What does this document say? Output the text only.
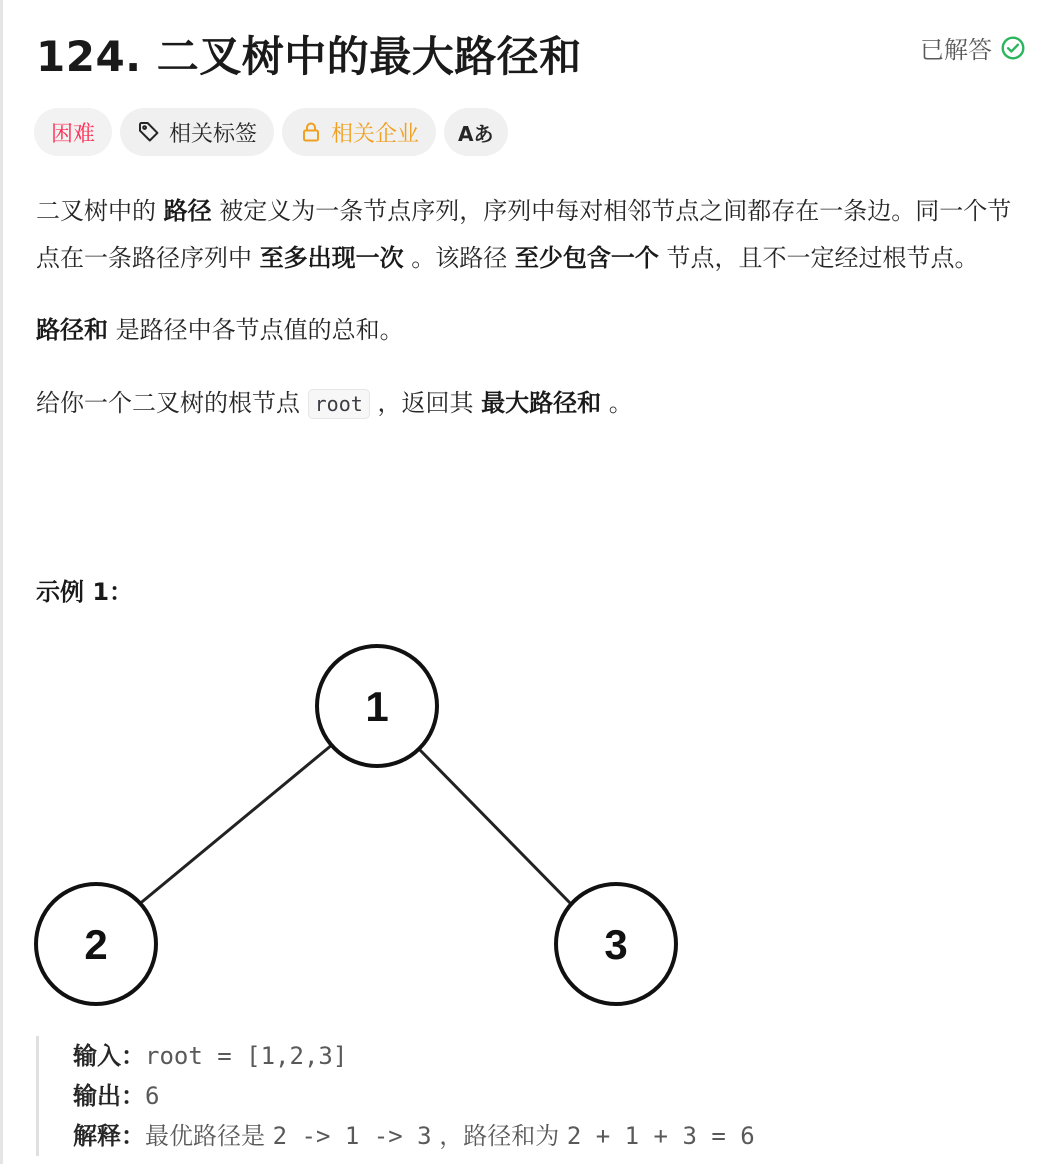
124. 二叉树中的最大路径和	已解答
困难	相关标签	相关企业 Aあ

二叉树中的 路径 被定义为一条节点序列，序列中每对相邻节点之间都存在一条边。同一个节点在一条路径序列中 至多出现一次 。该路径 至少包含一个 节点，且不一定经过根节点。

路径和 是路径中各节点值的总和。

给你一个二叉树的根节点 root ，返回其 最大路径和 。

示例 1：

1
2	3
输入：root = [1,2,3]
输出：6
解释：最优路径是 2 -> 1 -> 3 ，路径和为 2 + 1 + 3 = 6
